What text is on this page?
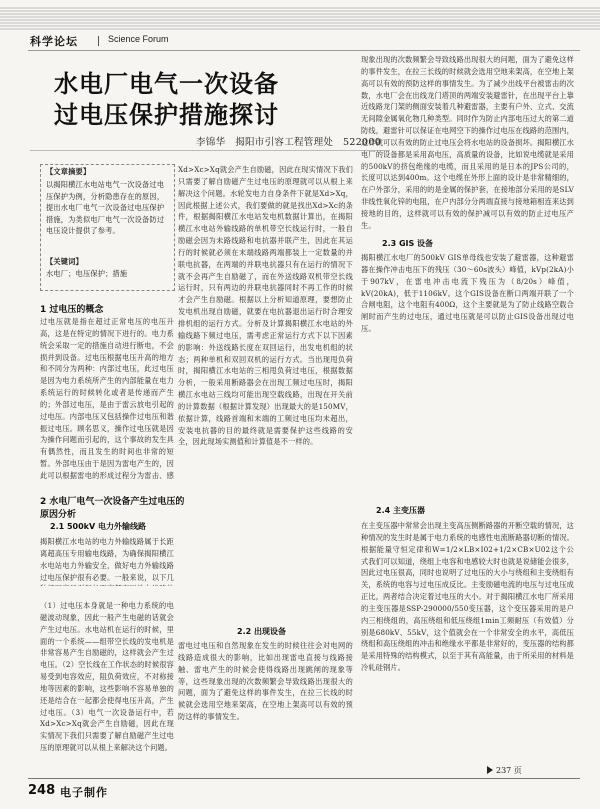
科学论坛	Science Forum
水电厂电气一次设备
过电压保护措施探讨
李锦华　揭阳市引容工程管理处　522000
【文章摘要】
以揭阳横江水电站电气一次设备过电压保护为例，分析隐患存在的原因，提出水电厂电气一次设备过电压保护措施，为类似电厂电气一次设备防过电压设计提供了参考。
【关键词】
水电厂；电压保护；措施
1 过电压的概念
过电压就是指在超过正常电压的电压升高，这是在特定的情况下进行的。电力系统会采取一定的措施自动进行断电，不会损并到设备。过电压根据电压升高的地方和不同分为两种：内部过电压，此过电压是因为电力系统所产生的内部能量在电力系统运行的时候转化或者是传递而产生的；外部过电压，是由于雷云放电引起的过电压。内部电压又包括操作过电压和谐振过电压。顾名思义，操作过电压就是因为操作问题而引起的，这个事故的发生具有偶然性，而且发生的时间也非常的短暂。外部电压由于是因为雷电产生的，因此可以根据雷电的形成过程分为雷击、感
2 水电厂电气一次设备产生过电压的
原因分析
2.1 500kV 电力外输线路
揭阳横江水电站的电力外输线路属于长距离超高压专用输电线路，为确保揭阳横江水电站电力外输安全，做好电力外输线路过电压保护很有必要。一般来说，以下几
（1）过电压本身就是一种电力系统的电磁波动现象，因此一般产生电磁的话就会产生过电压。水电站机在运行的时候，里面的一个系统——组带空长线的发电机是非常容易产生自励磁的，这样就会产生过电压。（2）空长线在工作状态的时候很容易受到电容效应，阻负荷效应，不对称接地等因素的影响，这些影响不容易单独的还是结合在一起都会使得电压升高，产生过电压。（3）电气一次设备运行中，若Xd>Xc>Xq就会产生自励磁，因此在现实情况下我们只需要了解自励磁产生过电压的原理就可以从根上来解决这个问题。
Xd>Xc>Xq就会产生自励磁，因此在现实情况下我们只需要了解自励磁产生过电压的原理就可以从根上来解决这个问题。水轮发电力自身条件下就是Xd>Xq，因此根据上述公式，我们要做的就是找出Xd>Xc的条件，根据揭阳横江水电站发电机数据计算出，在揭阳横江水电站外输线路的单机带空长线运行时，一般自励磁会因为未路线路和电抗器并联产生，因此在其运行的时候就必须在末端线路两端都装上一定数量的并联电抗器，在两端的并联电抗器只有在运行的情况下就不会再产生自励磁了，而在外送线路双机带空长线运行时，只有两边的并联电抗器同时不再工作的时候才会产生自励磁。根据以上分析知道原理，要想防止发电机出现自励磁，就要在电抗器退出运行时合理安排机组的运行方式。分析及计算揭阳横江水电站的外输线路下频过电压，需考虑正常运行方式下以下因素的影响：外送线路长度在双回运行，出发电机组的状态；两种单机和双回双机的运行方式。当出现甩负荷时，揭阳横江水电站的三相甩负荷过电压，根据数据分析，一般采用断路器会在出现工频过电压时，揭阳横江水电站三线均可能出现空载线路，出现在开关前的计算数据（根据计算发现）出现最大的是150MV，依据计算，线路首端和末端的工频过电压均未超出，安装电抗器的目的最终就是需要保护这些线路的安全，因此现场实测值和计算值是不一样的。
2.2 出现设备
雷电过电压和自然现象在发生的时候往往会对电网的线路造成很大的影响，比如出现雷电直接与线路接触、雷电产生的时候会使得线路出现跳闸的现象等等，这些现象出现的次数频繁会导致线路出现很大的问题，面为了避免这样的事件发生，在拉三长线的时候就会选用空地来架高，在空地上架高可以有效的预防这样的事情发生。
现象出现的次数频繁会导致线路出现很大的问题，面为了避免这样的事件发生，在拉三长线的时候就会选用空地来架高，在空地上架高可以有效的预防这样的事情发生。为了减少出线平台被雷击的次数，水电厂会在出线龙门塔顶的两端安装避雷针，在出现平台上靠近线路龙门架的侧面安装着几种避雷器，主要有户外、立式、交流无间隙金属氧化物几种类型。同时作为防止内部电压过大的第二道防线，避雷针可以保证在电网空下的操作过电压在线路的范围内，这样就可以有效的防止过电压会将水电站的设备损坏。揭阳横江水电厂的设备都是采用高电压，高质量的设备，比如说电缆就是采用的500kV的挤包绝缘的电缆，而且采用的是日本的JPS公司的，长度可以达到400m。这个电缆在外形上面的设计是非常精细的，在户外部分，采用的的是金属的保护套，在接地部分采用的是SLV非线性氧化锌的电阻，在户内部分分两端直接与接地箱相连来达到接地的目的，这样就可以有效的保护减可以有效的防止过电压产生。
2.3 GIS 设备
揭阳横江水电厂的500kV GIS单母线也安装了避雷器，这种避雷器在操作冲击电压下的残压（30～60s波头）峰值，kVp(2kA)小于907kV，在雷电冲击电流下残压为（8/20s）峰值，kV(20kA)，低于1106kV。这个GIS设备在断口两端开联了一个合闸电阻，这个电阻有400Ω，这个主要就是为了防止线路空载合闸时而产生的过电压，通过电压就是可以防止GIS设备出现过电压。
2.4 主变压器
在主变压器中常常会出现主变高压侧断路器的开断空载的情况，这种情况的发生时是属于电力系统的电感性电流断路器切断的情况。根据能量守恒定律和W=1/2×LB×I02+1/2×CB×U02这个公式我们可以知道，绕组上电容和电感较大时也就是说储能会很多，因此过电压很高，同时也说明了过电压的大小与绕组和主变绕组有关，系统的电容与过电压成反比。主变励磁电流的电压与过电压成正比，两者结合决定着过电压的大小。对于揭阳横江水电厂所采用的主变压器是SSP-290000/550变压器，这个变压器采用的是户内三相绕组的，高压绕组和低压绕组1min工频耐压（有效值）分别是680kV、55kV，这个值就会在一个非常安全的水平，高低压绕组和高压绕组的冲击和绝缘水平都是非常好的，变压器的结构都是采用特殊的结构模式，以至于其有高能量，由于所采用的材料是冷轧硅钢片。
237 页
248 电子制作
